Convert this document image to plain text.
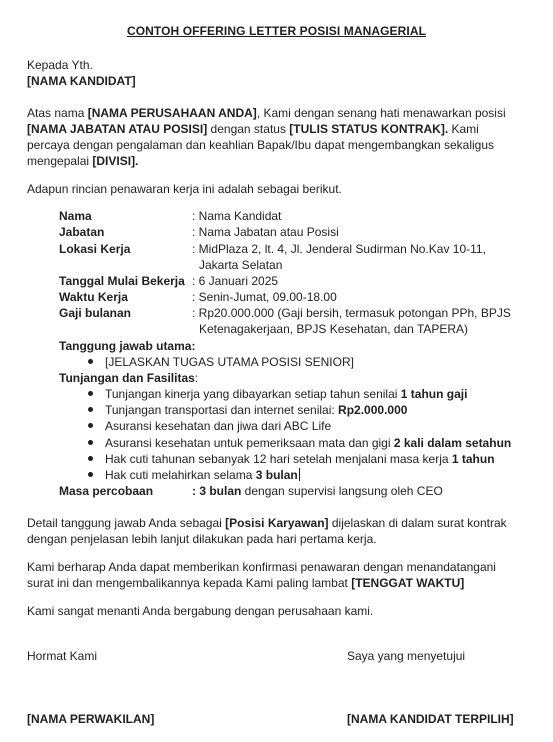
CONTOH OFFERING LETTER POSISI MANAGERIAL
Kepada Yth.
[NAMA KANDIDAT]
Atas nama [NAMA PERUSAHAAN ANDA], Kami dengan senang hati menawarkan posisi
[NAMA JABATAN ATAU POSISI] dengan status [TULIS STATUS KONTRAK]. Kami
percaya dengan pengalaman dan keahlian Bapak/Ibu dapat mengembangkan sekaligus
mengepalai [DIVISI].
Adapun rincian penawaran kerja ini adalah sebagai berikut.
Nama	: Nama Kandidat
Jabatan	: Nama Jabatan atau Posisi
Lokasi Kerja	: MidPlaza 2, lt. 4, Jl. Jenderal Sudirman No.Kav 10-11,
Jakarta Selatan
Tanggal Mulai Bekerja : 6 Januari 2025
Waktu Kerja	: Senin-Jumat, 09.00-18.00
Gaji bulanan	: Rp20.000.000 (Gaji bersih, termasuk potongan PPh, BPJS
Ketenagakerjaan, BPJS Kesehatan, dan TAPERA)
Tanggung jawab utama:
[JELASKAN TUGAS UTAMA POSISI SENIOR]
Tunjangan dan Fasilitas:
Tunjangan kinerja yang dibayarkan setiap tahun senilai 1 tahun gaji
Tunjangan transportasi dan internet senilai: Rp2.000.000
Asuransi kesehatan dan jiwa dari ABC Life
Asuransi kesehatan untuk pemeriksaan mata dan gigi 2 kali dalam setahun
Hak cuti tahunan sebanyak 12 hari setelah menjalani masa kerja 1 tahun
Hak cuti melahirkan selama 3 bulan
Masa percobaan	: 3 bulan dengan supervisi langsung oleh CEO
Detail tanggung jawab Anda sebagai [Posisi Karyawan] dijelaskan di dalam surat kontrak
dengan penjelasan lebih lanjut dilakukan pada hari pertama kerja.
Kami berharap Anda dapat memberikan konfirmasi penawaran dengan menandatangani
surat ini dan mengembalikannya kepada Kami paling lambat [TENGGAT WAKTU]
Kami sangat menanti Anda bergabung dengan perusahaan kami.
Hormat Kami	Saya yang menyetujui
[NAMA PERWAKILAN]	[NAMA KANDIDAT TERPILIH]
